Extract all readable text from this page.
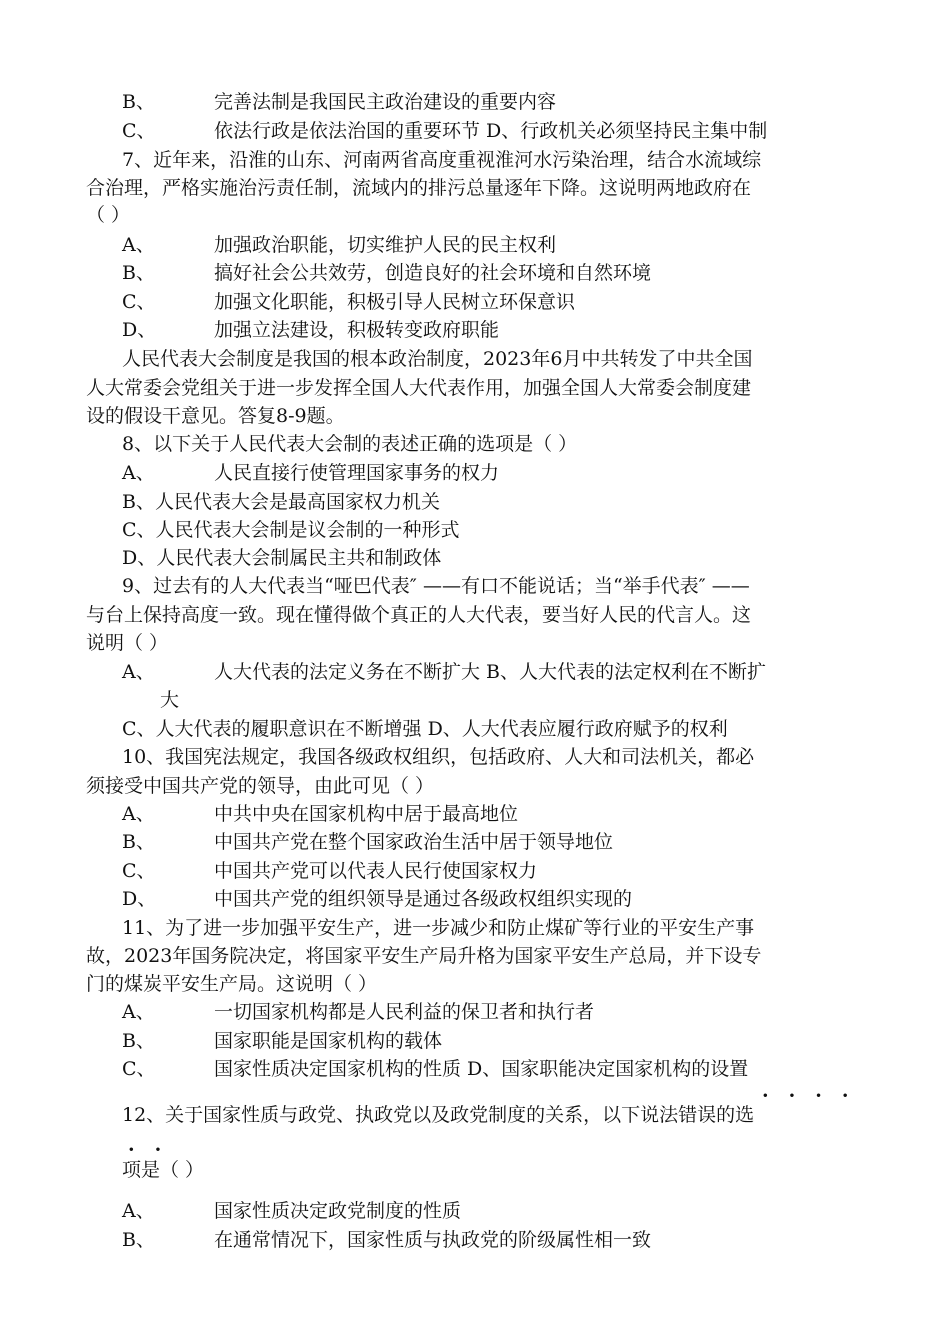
B、	完善法制是我国民主政治建设的重要内容
C、	依法行政是依法治国的重要环节 D、行政机关必须坚持民主集中制
7、近年来，沿淮的山东、河南两省高度重视淮河水污染治理，结合水流域综
合治理，严格实施治污责任制，流域内的排污总量逐年下降。这说明两地政府在
（ ）
A、	加强政治职能，切实维护人民的民主权利
B、	搞好社会公共效劳，创造良好的社会环境和自然环境
C、	加强文化职能，积极引导人民树立环保意识
D、	加强立法建设，积极转变政府职能
人民代表大会制度是我国的根本政治制度，2023年6月中共转发了中共全国
人大常委会党组关于进一步发挥全国人大代表作用，加强全国人大常委会制度建
设的假设干意见。答复8-9题。
8、以下关于人民代表大会制的表述正确的选项是（ ）
A、	人民直接行使管理国家事务的权力
B、人民代表大会是最高国家权力机关
C、人民代表大会制是议会制的一种形式
D、人民代表大会制属民主共和制政体
9、过去有的人大代表当“哑巴代表″ ——有口不能说话；当“举手代表″ ——
与台上保持高度一致。现在懂得做个真正的人大代表，要当好人民的代言人。这
说明（ ）
A、	人大代表的法定义务在不断扩大 B、人大代表的法定权利在不断扩
大
C、人大代表的履职意识在不断增强 D、人大代表应履行政府赋予的权利
10、我国宪法规定，我国各级政权组织，包括政府、人大和司法机关，都必
须接受中国共产党的领导，由此可见（ ）
A、	中共中央在国家机构中居于最高地位
B、	中国共产党在整个国家政治生活中居于领导地位
C、	中国共产党可以代表人民行使国家权力
D、	中国共产党的组织领导是通过各级政权组织实现的
11、为了进一步加强平安生产，进一步减少和防止煤矿等行业的平安生产事
故，2023年国务院决定，将国家平安生产局升格为国家平安生产总局，并下设专
门的煤炭平安生产局。这说明（ ）
A、	一切国家机构都是人民利益的保卫者和执行者
B、	国家职能是国家机构的载体
C、	国家性质决定国家机构的性质 D、国家职能决定国家机构的设置
····
12、关于国家性质与政党、执政党以及政党制度的关系，以下说法错误的选
··
项是（ ）
A、	国家性质决定政党制度的性质
B、	在通常情况下，国家性质与执政党的阶级属性相一致
